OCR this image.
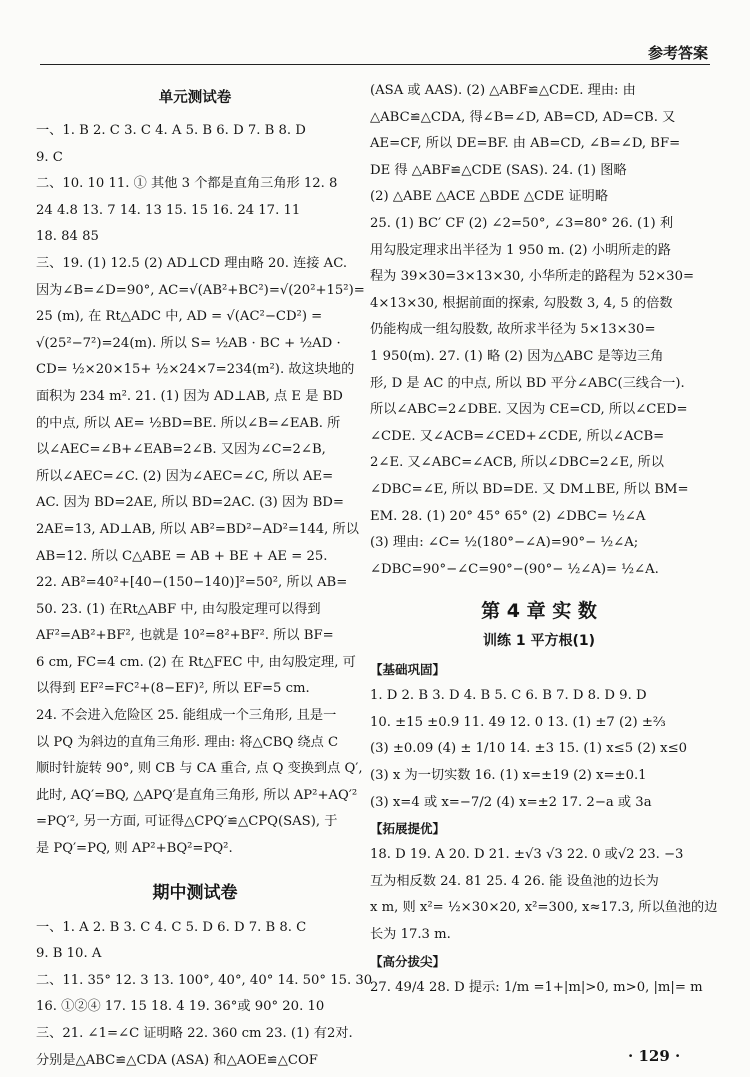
参考答案
单元测试卷
一、1. B 2. C 3. C 4. A 5. B 6. D 7. B 8. D
9. C
二、10. 10 11. ① 其他 3 个都是直角三角形 12. 8
24 4.8 13. 7 14. 13 15. 15 16. 24 17. 11
18. 84 85
三、19. (1) 12.5 (2) AD⊥CD 理由略 20. 连接 AC.
因为∠B=∠D=90°, AC=√(AB²+BC²)=√(20²+15²)=
25 (m), 在 Rt△ADC 中, AD = √(AC²−CD²) =
√(25²−7²)=24(m). 所以 S= ½AB · BC + ½AD ·
CD= ½×20×15+ ½×24×7=234(m²). 故这块地的
面积为 234 m². 21. (1) 因为 AD⊥AB, 点 E 是 BD
的中点, 所以 AE= ½BD=BE. 所以∠B=∠EAB. 所
以∠AEC=∠B+∠EAB=2∠B. 又因为∠C=2∠B,
所以∠AEC=∠C. (2) 因为∠AEC=∠C, 所以 AE=
AC. 因为 BD=2AE, 所以 BD=2AC. (3) 因为 BD=
2AE=13, AD⊥AB, 所以 AB²=BD²−AD²=144, 所以
AB=12. 所以 C△ABE = AB + BE + AE = 25.
22. AB²=40²+[40−(150−140)]²=50², 所以 AB=
50. 23. (1) 在Rt△ABF 中, 由勾股定理可以得到
AF²=AB²+BF², 也就是 10²=8²+BF². 所以 BF=
6 cm, FC=4 cm. (2) 在 Rt△FEC 中, 由勾股定理, 可
以得到 EF²=FC²+(8−EF)², 所以 EF=5 cm.
24. 不会进入危险区 25. 能组成一个三角形, 且是一
以 PQ 为斜边的直角三角形. 理由: 将△CBQ 绕点 C
顺时针旋转 90°, 则 CB 与 CA 重合, 点 Q 变换到点 Q′,
此时, AQ′=BQ, △APQ′是直角三角形, 所以 AP²+AQ′²
=PQ′², 另一方面, 可证得△CPQ′≌△CPQ(SAS), 于
是 PQ′=PQ, 则 AP²+BQ²=PQ².
期中测试卷
一、1. A 2. B 3. C 4. C 5. D 6. D 7. B 8. C
9. B 10. A
二、11. 35° 12. 3 13. 100°, 40°, 40° 14. 50° 15. 30
16. ①②④ 17. 15 18. 4 19. 36°或 90° 20. 10
三、21. ∠1=∠C 证明略 22. 360 cm 23. (1) 有2对.
分别是△ABC≌△CDA (ASA) 和△AOE≌△COF
(ASA 或 AAS). (2) △ABF≌△CDE. 理由: 由
△ABC≌△CDA, 得∠B=∠D, AB=CD, AD=CB. 又
AE=CF, 所以 DE=BF. 由 AB=CD, ∠B=∠D, BF=
DE 得 △ABF≌△CDE (SAS). 24. (1) 图略
(2) △ABE △ACE △BDE △CDE 证明略
25. (1) BC′ CF (2) ∠2=50°, ∠3=80° 26. (1) 利
用勾股定理求出半径为 1 950 m. (2) 小明所走的路
程为 39×30=3×13×30, 小华所走的路程为 52×30=
4×13×30, 根据前面的探索, 勾股数 3, 4, 5 的倍数
仍能构成一组勾股数, 故所求半径为 5×13×30=
1 950(m). 27. (1) 略 (2) 因为△ABC 是等边三角
形, D 是 AC 的中点, 所以 BD 平分∠ABC(三线合一).
所以∠ABC=2∠DBE. 又因为 CE=CD, 所以∠CED=
∠CDE. 又∠ACB=∠CED+∠CDE, 所以∠ACB=
2∠E. 又∠ABC=∠ACB, 所以∠DBC=2∠E, 所以
∠DBC=∠E, 所以 BD=DE. 又 DM⊥BE, 所以 BM=
EM. 28. (1) 20° 45° 65° (2) ∠DBC= ½∠A
(3) 理由: ∠C= ½(180°−∠A)=90°− ½∠A;
∠DBC=90°−∠C=90°−(90°− ½∠A)= ½∠A.
第 4 章 实 数
训练 1 平方根(1)
【基础巩固】
1. D 2. B 3. D 4. B 5. C 6. B 7. D 8. D 9. D
10. ±15 ±0.9 11. 49 12. 0 13. (1) ±7 (2) ±⅔
(3) ±0.09 (4) ± 1/10 14. ±3 15. (1) x≤5 (2) x≤0
(3) x 为一切实数 16. (1) x=±19 (2) x=±0.1
(3) x=4 或 x=−7/2 (4) x=±2 17. 2−a 或 3a
【拓展提优】
18. D 19. A 20. D 21. ±√3 √3 22. 0 或√2 23. −3
互为相反数 24. 81 25. 4 26. 能 设鱼池的边长为
x m, 则 x²= ½×30×20, x²=300, x≈17.3, 所以鱼池的边
长为 17.3 m.
【高分拔尖】
27. 49/4 28. D 提示: 1/m =1+|m|>0, m>0, |m|= m
· 129 ·
